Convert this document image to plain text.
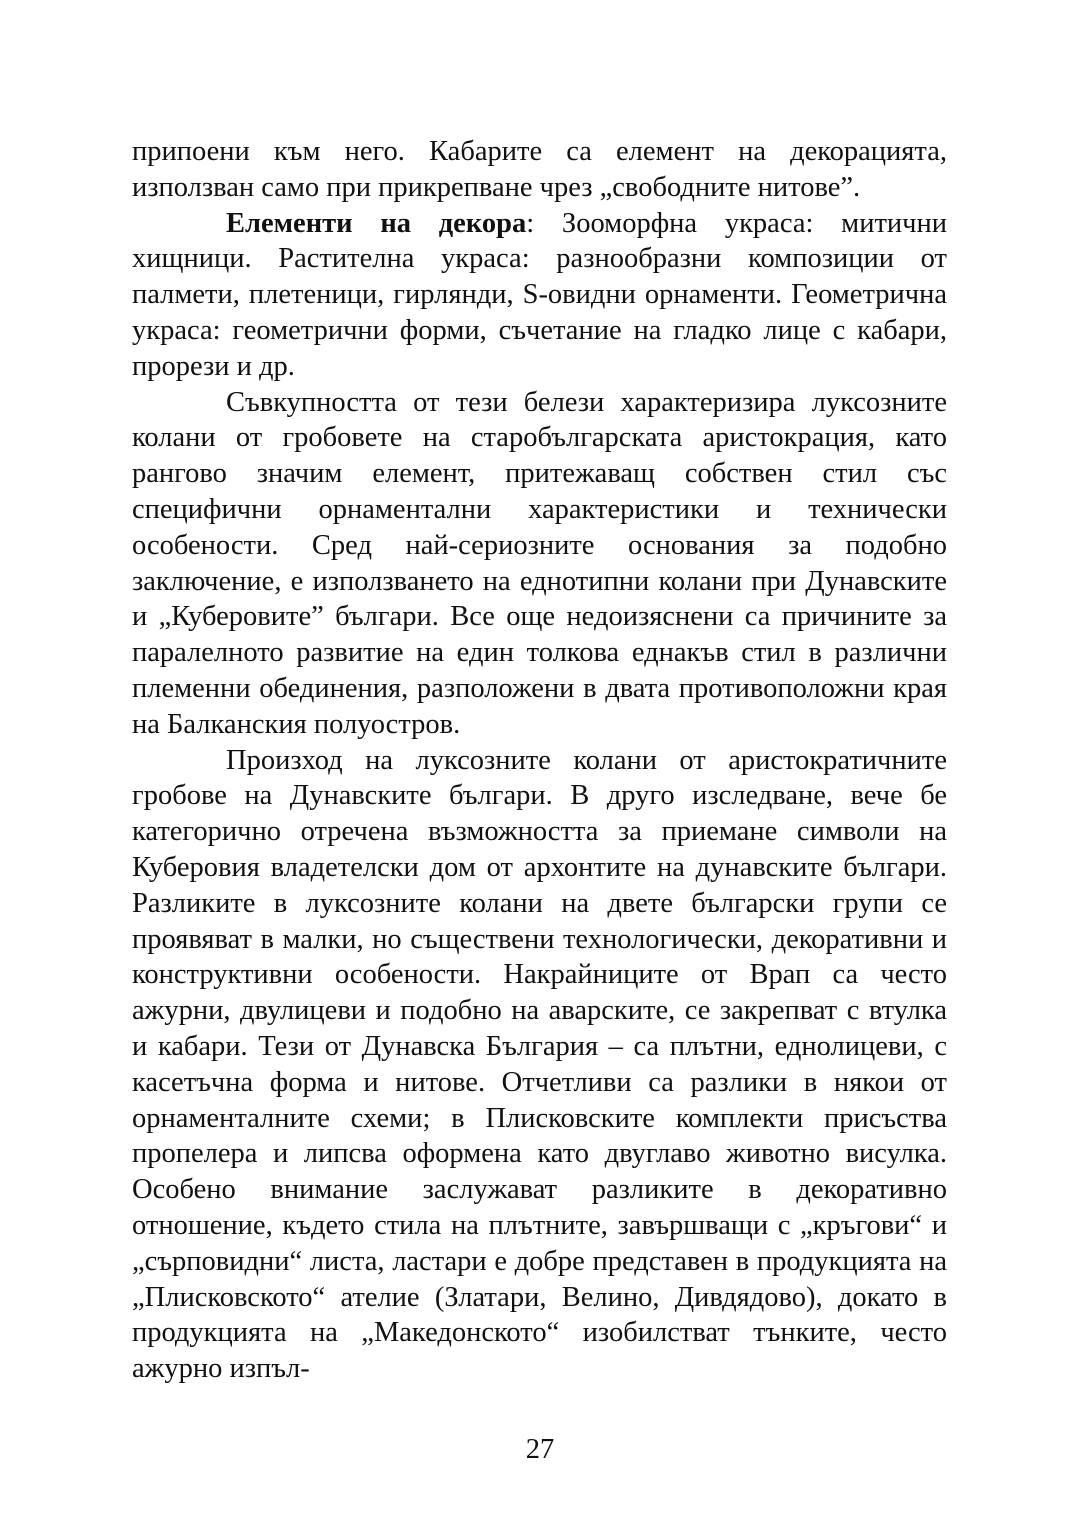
припоени към него. Кабарите са елемент на декорацията, използван само при прикрепване чрез „свободните нитове”.

Елементи на декора: Зооморфна украса: митични хищници. Растителна украса: разнообразни композиции от палмети, плетеници, гирлянди, S-овидни орнаменти. Геометрична украса: геометрични форми, съчетание на гладко лице с кабари, прорези и др.

Съвкупността от тези белези характеризира луксозните колани от гробовете на старобългарската аристокрация, като рангово значим елемент, притежаващ собствен стил със специфични орнаментални характеристики и технически особености. Сред най-сериозните основания за подобно заключение, е използването на еднотипни колани при Дунавските и „Куберовите” българи. Все още недоизяснени са причините за паралелното развитие на един толкова еднакъв стил в различни племенни обединения, разположени в двата противоположни края на Балканския полуостров.

Произход на луксозните колани от аристократичните гробове на Дунавските българи. В друго изследване, вече бе категорично отречена възможността за приемане символи на Куберовия владетелски дом от архонтите на дунавските българи. Разликите в луксозните колани на двете български групи се проявяват в малки, но съществени технологически, декоративни и конструктивни особености. Накрайниците от Врап са често ажурни, двулицеви и подобно на аварските, се закрепват с втулка и кабари. Тези от Дунавска България – са плътни, еднолицеви, с касетъчна форма и нитове. Отчетливи са разлики в някои от орнаменталните схеми; в Плисковските комплекти присъства пропелера и липсва оформена като двуглаво животно висулка. Особено внимание заслужават разликите в декоративно отношение, където стила на плътните, завършващи с „кръгови“ и „сърповидни“ листа, ластари е добре представен в продукцията на „Плисковското“ ателие (Златари, Велино, Дивдядово), докато в продукцията на „Македонското“ изобилстват тънките, често ажурно изпъл-

27
